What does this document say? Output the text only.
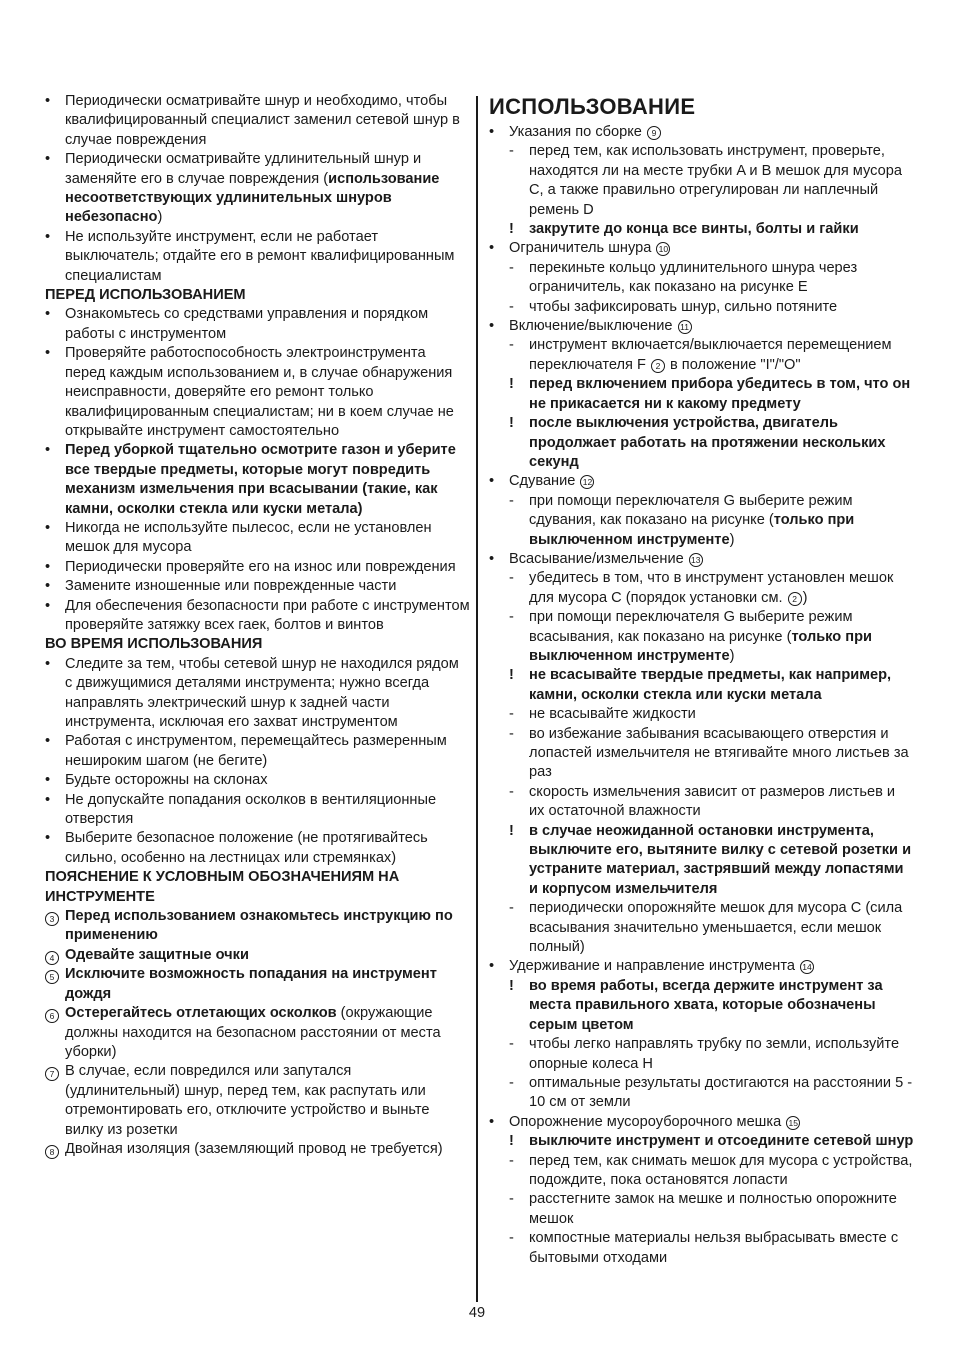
• Периодически осматривайте шнур и необходимо, чтобы квалифицированный специалист заменил сетевой шнур в случае повреждения
• Периодически осматривайте удлинительный шнур и заменяйте его в случае повреждения (использование несоответствующих удлинительных шнуров небезопасно)
• Не используйте инструмент, если не работает выключатель; отдайте его в ремонт квалифицированным специалистам
ПЕРЕД ИСПОЛЬЗОВАНИЕМ
• Ознакомьтесь со средствами управления и порядком работы с инструментом
• Проверяйте работоспособность электроинструмента перед каждым использованием и, в случае обнаружения неисправности, доверяйте его ремонт только квалифицированным специалистам; ни в коем случае не открывайте инструмент самостоятельно
• Перед уборкой тщательно осмотрите газон и уберите все твердые предметы, которые могут повредить механизм измельчения при всасывании (такие, как камни, осколки стекла или куски метала)
• Никогда не используйте пылесос, если не установлен мешок для мусора
• Периодически проверяйте его на износ или повреждения
• Замените изношенные или поврежденные части
• Для обеспечения безопасности при работе с инструментом проверяйте затяжку всех гаек, болтов и винтов
ВО ВРЕМЯ ИСПОЛЬЗОВАНИЯ
• Следите за тем, чтобы сетевой шнур не находился рядом с движущимися деталями инструмента; нужно всегда направлять электрический шнур к задней части инструмента, исключая его захват инструментом
• Работая с инструментом, перемещайтесь размеренным нешироким шагом (не бегите)
• Будьте осторожны на склонах
• Не допускайте попадания осколков в вентиляционные отверстия
• Выберите безопасное положение (не протягивайтесь сильно, особенно на лестницах или стремянках)
ПОЯСНЕНИЕ К УСЛОВНЫМ ОБОЗНАЧЕНИЯМ НА ИНСТРУМЕНТЕ
3 Перед использованием ознакомьтесь инструкцию по применению
4 Одевайте защитные очки
5 Исключите возможность попадания на инструмент дождя
6 Остерегайтесь отлетающих осколков (окружающие должны находится на безопасном расстоянии от места уборки)
7 В случае, если повредился или запутался (удлинительный) шнур, перед тем, как распутать или отремонтировать его, отключите устройство и выньте вилку из розетки
8 Двойная изоляция (заземляющий провод не требуется)
ИСПОЛЬЗОВАНИЕ
• Указания по сборке 9
- перед тем, как использовать инструмент, проверьте, находятся ли на месте трубки A и B мешок для мусора C, а также правильно отрегулирован ли наплечный ремень D
! закрутите до конца все винты, болты и гайки
• Ограничитель шнура 10
- перекиньте кольцо удлинительного шнура через ограничитель, как показано на рисунке E
- чтобы зафиксировать шнур, сильно потяните
• Включение/выключение 11
- инструмент включается/выключается перемещением переключателя F 2 в положение "I"/"O"
! перед включением прибора убедитесь в том, что он не прикасается ни к какому предмету
! после выключения устройства, двигатель продолжает работать на протяжении нескольких секунд
• Сдувание 12
- при помощи переключателя G выберите режим сдувания, как показано на рисунке (только при выключенном инструменте)
• Всасывание/измельчение 13
- убедитесь в том, что в инструмент установлен мешок для мусора C (порядок установки см. 2 )
- при помощи переключателя G выберите режим всасывания, как показано на рисунке (только при выключенном инструменте)
! не всасывайте твердые предметы, как например, камни, осколки стекла или куски метала
- не всасывайте жидкости
- во избежание забывания всасывающего отверстия и лопастей измельчителя не втягивайте много листьев за раз
- скорость измельчения зависит от размеров листьев и их остаточной влажности
! в случае неожиданной остановки инструмента, выключите его, вытяните вилку с сетевой розетки и устраните материал, застрявший между лопастями и корпусом измельчителя
- периодически опорожняйте мешок для мусора C (сила всасывания значительно уменьшается, если мешок полный)
• Удерживание и направление инструмента 14
! во время работы, всегда держите инструмент за места правильного хвата, которые обозначены серым цветом
- чтобы легко направлять трубку по земли, используйте опорные колеса H
- оптимальные результаты достигаются на расстоянии 5 - 10 см от земли
• Опорожнение мусороуборочного мешка 15
! выключите инструмент и отсоедините сетевой шнур
- перед тем, как снимать мешок для мусора с устройства, подождите, пока остановятся лопасти
- расстегните замок на мешке и полностью опорожните мешок
- компостные материалы нельзя выбрасывать вместе с бытовыми отходами
49
